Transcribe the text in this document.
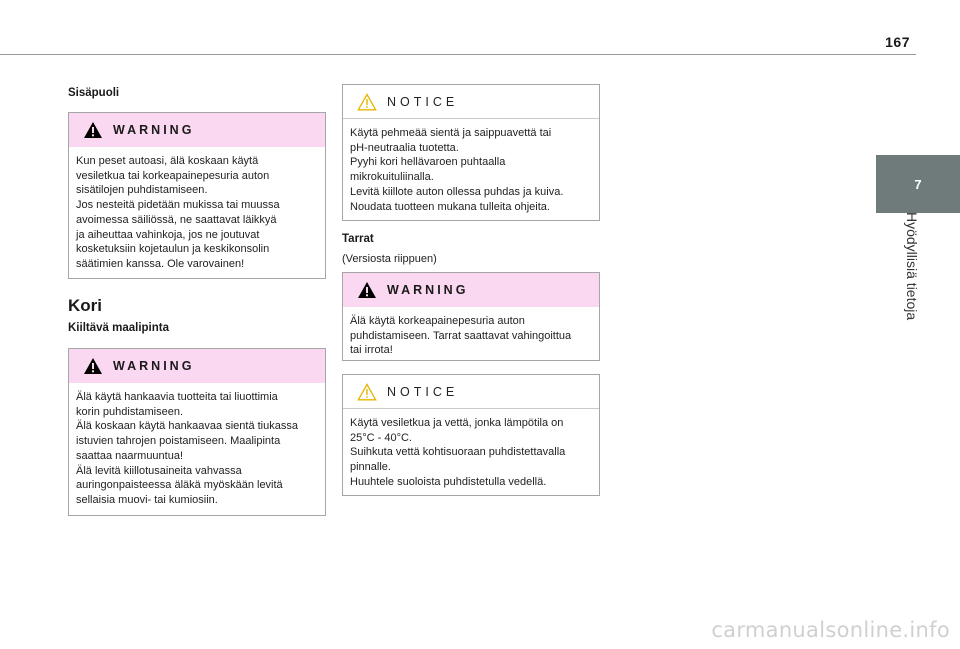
167
7
Hyödyllisiä tietoja
Sisäpuoli
WARNING

Kun peset autoasi, älä koskaan käytä

vesiletkua tai korkeapainepesuria auton

sisätilojen puhdistamiseen.

Jos nesteitä pidetään mukissa tai muussa

avoimessa säiliössä, ne saattavat läikkyä

ja aiheuttaa vahinkoja, jos ne joutuvat

kosketuksiin kojetaulun ja keskikonsolin

säätimien kanssa. Ole varovainen!

Kori
Kiiltävä maalipinta
WARNING

Älä käytä hankaavia tuotteita tai liuottimia

korin puhdistamiseen.

Älä koskaan käytä hankaavaa sientä tiukassa

istuvien tahrojen poistamiseen. Maalipinta

saattaa naarmuuntua!

Älä levitä kiillotusaineita vahvassa

auringonpaisteessa äläkä myöskään levitä

sellaisia muovi- tai kumiosiin.

NOTICE

Käytä pehmeää sientä ja saippuavettä tai

pH-neutraalia tuotetta.

Pyyhi kori hellävaroen puhtaalla

mikrokuituliinalla.

Levitä kiillote auton ollessa puhdas ja kuiva.

Noudata tuotteen mukana tulleita ohjeita.

Tarrat
(Versiosta riippuen)
WARNING

Älä käytä korkeapainepesuria auton

puhdistamiseen. Tarrat saattavat vahingoittua

tai irrota!

NOTICE

Käytä vesiletkua ja vettä, jonka lämpötila on

25°C - 40°C.

Suihkuta vettä kohtisuoraan puhdistettavalla

pinnalle.

Huuhtele suoloista puhdistetulla vedellä.

carmanualsonline.info
